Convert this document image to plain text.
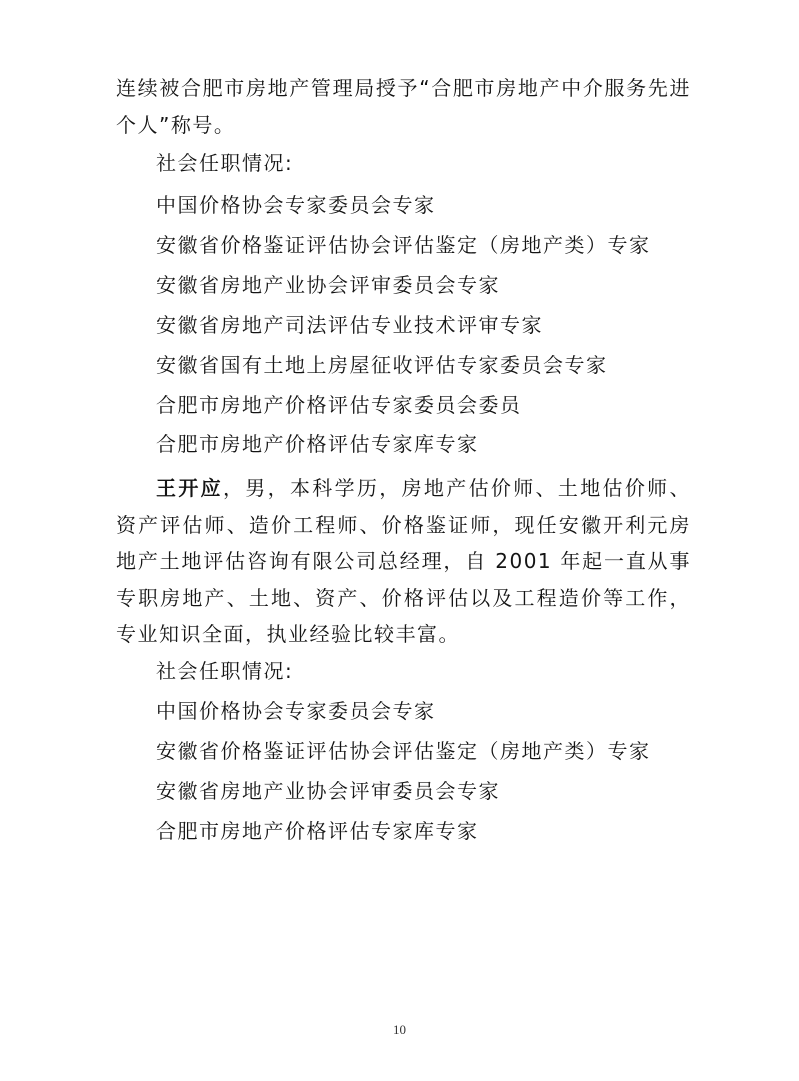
连续被合肥市房地产管理局授予“合肥市房地产中介服务先进个人”称号。
社会任职情况:
中国价格协会专家委员会专家
安徽省价格鉴证评估协会评估鉴定（房地产类）专家
安徽省房地产业协会评审委员会专家
安徽省房地产司法评估专业技术评审专家
安徽省国有土地上房屋征收评估专家委员会专家
合肥市房地产价格评估专家委员会委员
合肥市房地产价格评估专家库专家
王开应，男，本科学历，房地产估价师、土地估价师、资产评估师、造价工程师、价格鉴证师，现任安徽开利元房地产土地评估咨询有限公司总经理，自 2001 年起一直从事专职房地产、土地、资产、价格评估以及工程造价等工作，专业知识全面，执业经验比较丰富。
社会任职情况:
中国价格协会专家委员会专家
安徽省价格鉴证评估协会评估鉴定（房地产类）专家
安徽省房地产业协会评审委员会专家
合肥市房地产价格评估专家库专家
10
